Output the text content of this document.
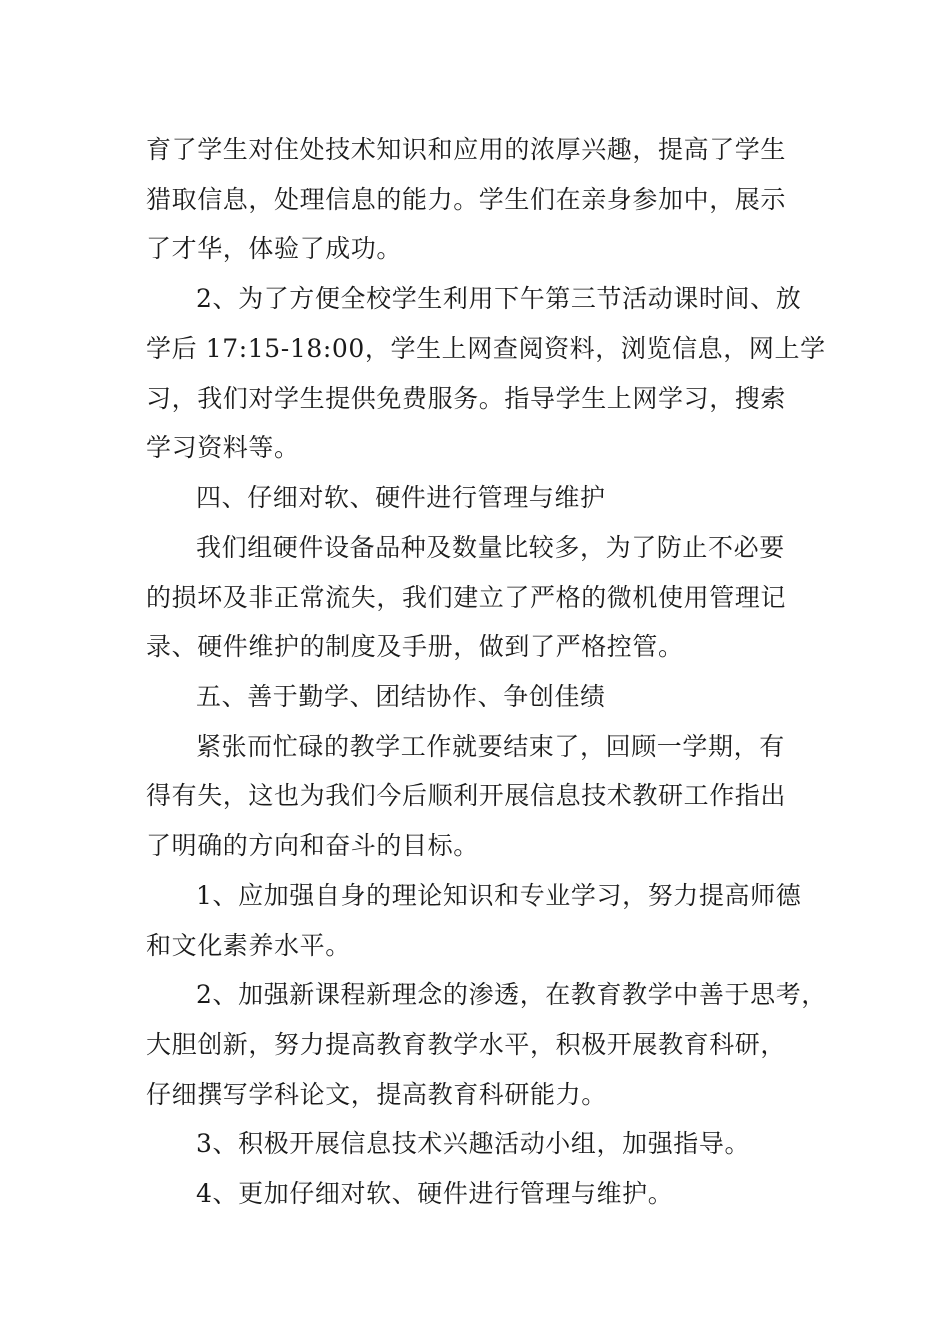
育了学生对住处技术知识和应用的浓厚兴趣，提高了学生
猎取信息，处理信息的能力。学生们在亲身参加中，展示
了才华，体验了成功。
2、为了方便全校学生利用下午第三节活动课时间、放
学后 17:15-18:00，学生上网查阅资料，浏览信息，网上学
习，我们对学生提供免费服务。指导学生上网学习，搜索
学习资料等。
四、仔细对软、硬件进行管理与维护
我们组硬件设备品种及数量比较多，为了防止不必要
的损坏及非正常流失，我们建立了严格的微机使用管理记
录、硬件维护的制度及手册，做到了严格控管。
五、善于勤学、团结协作、争创佳绩
紧张而忙碌的教学工作就要结束了，回顾一学期，有
得有失，这也为我们今后顺利开展信息技术教研工作指出
了明确的方向和奋斗的目标。
1、应加强自身的理论知识和专业学习，努力提高师德
和文化素养水平。
2、加强新课程新理念的渗透，在教育教学中善于思考，
大胆创新，努力提高教育教学水平，积极开展教育科研，
仔细撰写学科论文，提高教育科研能力。
3、积极开展信息技术兴趣活动小组，加强指导。
4、更加仔细对软、硬件进行管理与维护。
